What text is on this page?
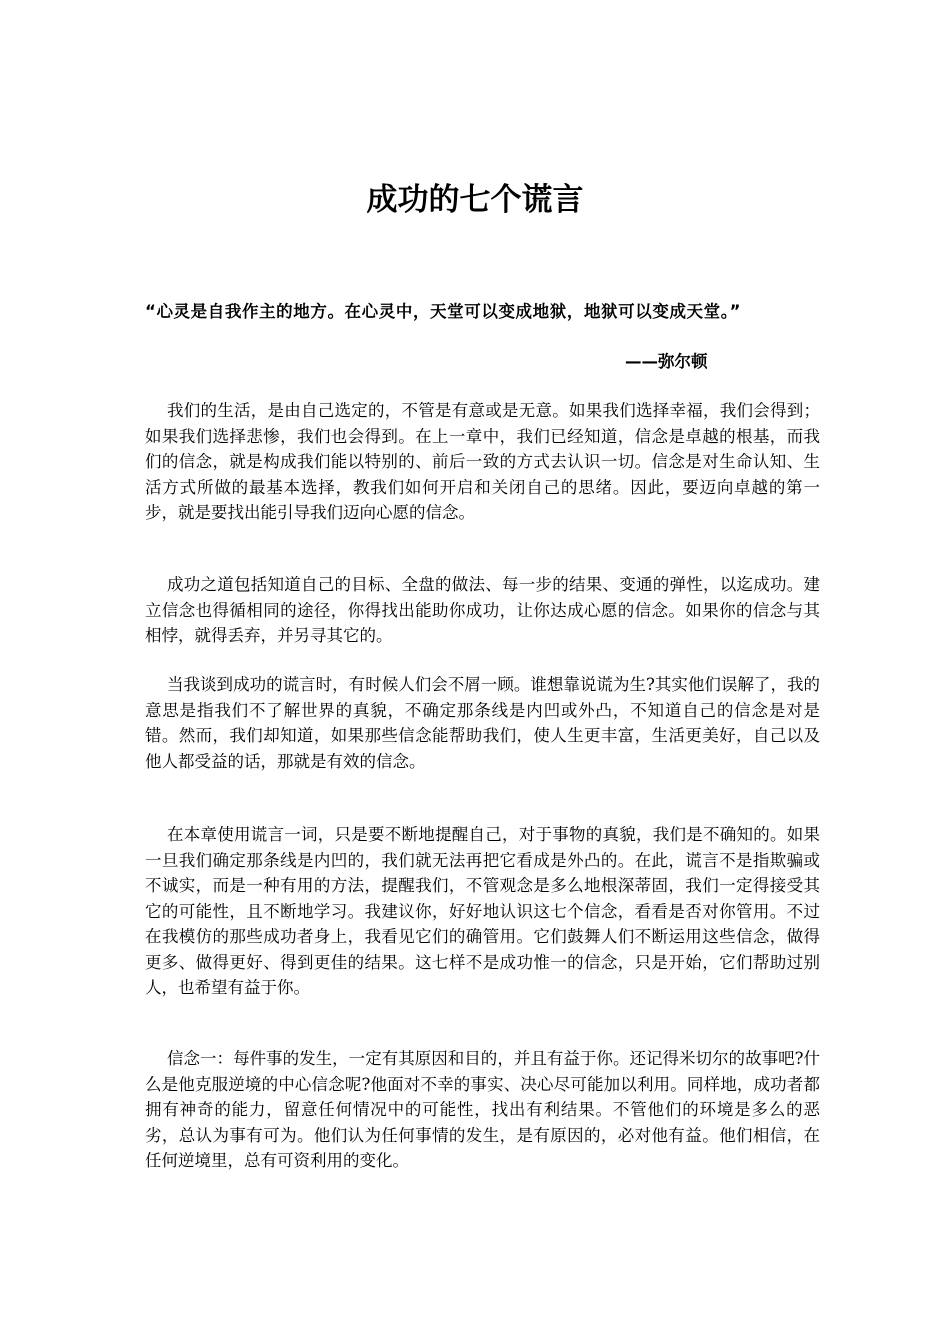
成功的七个谎言

“心灵是自我作主的地方。在心灵中，天堂可以变成地狱，地狱可以变成天堂。”

——弥尔顿

我们的生活，是由自己选定的，不管是有意或是无意。如果我们选择幸福，我们会得到；如果我们选择悲惨，我们也会得到。在上一章中，我们已经知道，信念是卓越的根基，而我们的信念，就是构成我们能以特别的、前后一致的方式去认识一切。信念是对生命认知、生活方式所做的最基本选择，教我们如何开启和关闭自己的思绪。因此，要迈向卓越的第一步，就是要找出能引导我们迈向心愿的信念。

成功之道包括知道自己的目标、全盘的做法、每一步的结果、变通的弹性，以迄成功。建立信念也得循相同的途径，你得找出能助你成功，让你达成心愿的信念。如果你的信念与其相悖，就得丢弃，并另寻其它的。

当我谈到成功的谎言时，有时候人们会不屑一顾。谁想靠说谎为生?其实他们误解了，我的意思是指我们不了解世界的真貌，不确定那条线是内凹或外凸，不知道自己的信念是对是错。然而，我们却知道，如果那些信念能帮助我们，使人生更丰富，生活更美好，自己以及他人都受益的话，那就是有效的信念。

在本章使用谎言一词，只是要不断地提醒自己，对于事物的真貌，我们是不确知的。如果一旦我们确定那条线是内凹的，我们就无法再把它看成是外凸的。在此，谎言不是指欺骗或不诚实，而是一种有用的方法，提醒我们，不管观念是多么地根深蒂固，我们一定得接受其它的可能性，且不断地学习。我建议你，好好地认识这七个信念，看看是否对你管用。不过在我模仿的那些成功者身上，我看见它们的确管用。它们鼓舞人们不断运用这些信念，做得更多、做得更好、得到更佳的结果。这七样不是成功惟一的信念，只是开始，它们帮助过别人，也希望有益于你。

信念一：每件事的发生，一定有其原因和目的，并且有益于你。还记得米切尔的故事吧?什么是他克服逆境的中心信念呢?他面对不幸的事实、决心尽可能加以利用。同样地，成功者都拥有神奇的能力，留意任何情况中的可能性，找出有利结果。不管他们的环境是多么的恶劣，总认为事有可为。他们认为任何事情的发生，是有原因的，必对他有益。他们相信，在任何逆境里，总有可资利用的变化。
